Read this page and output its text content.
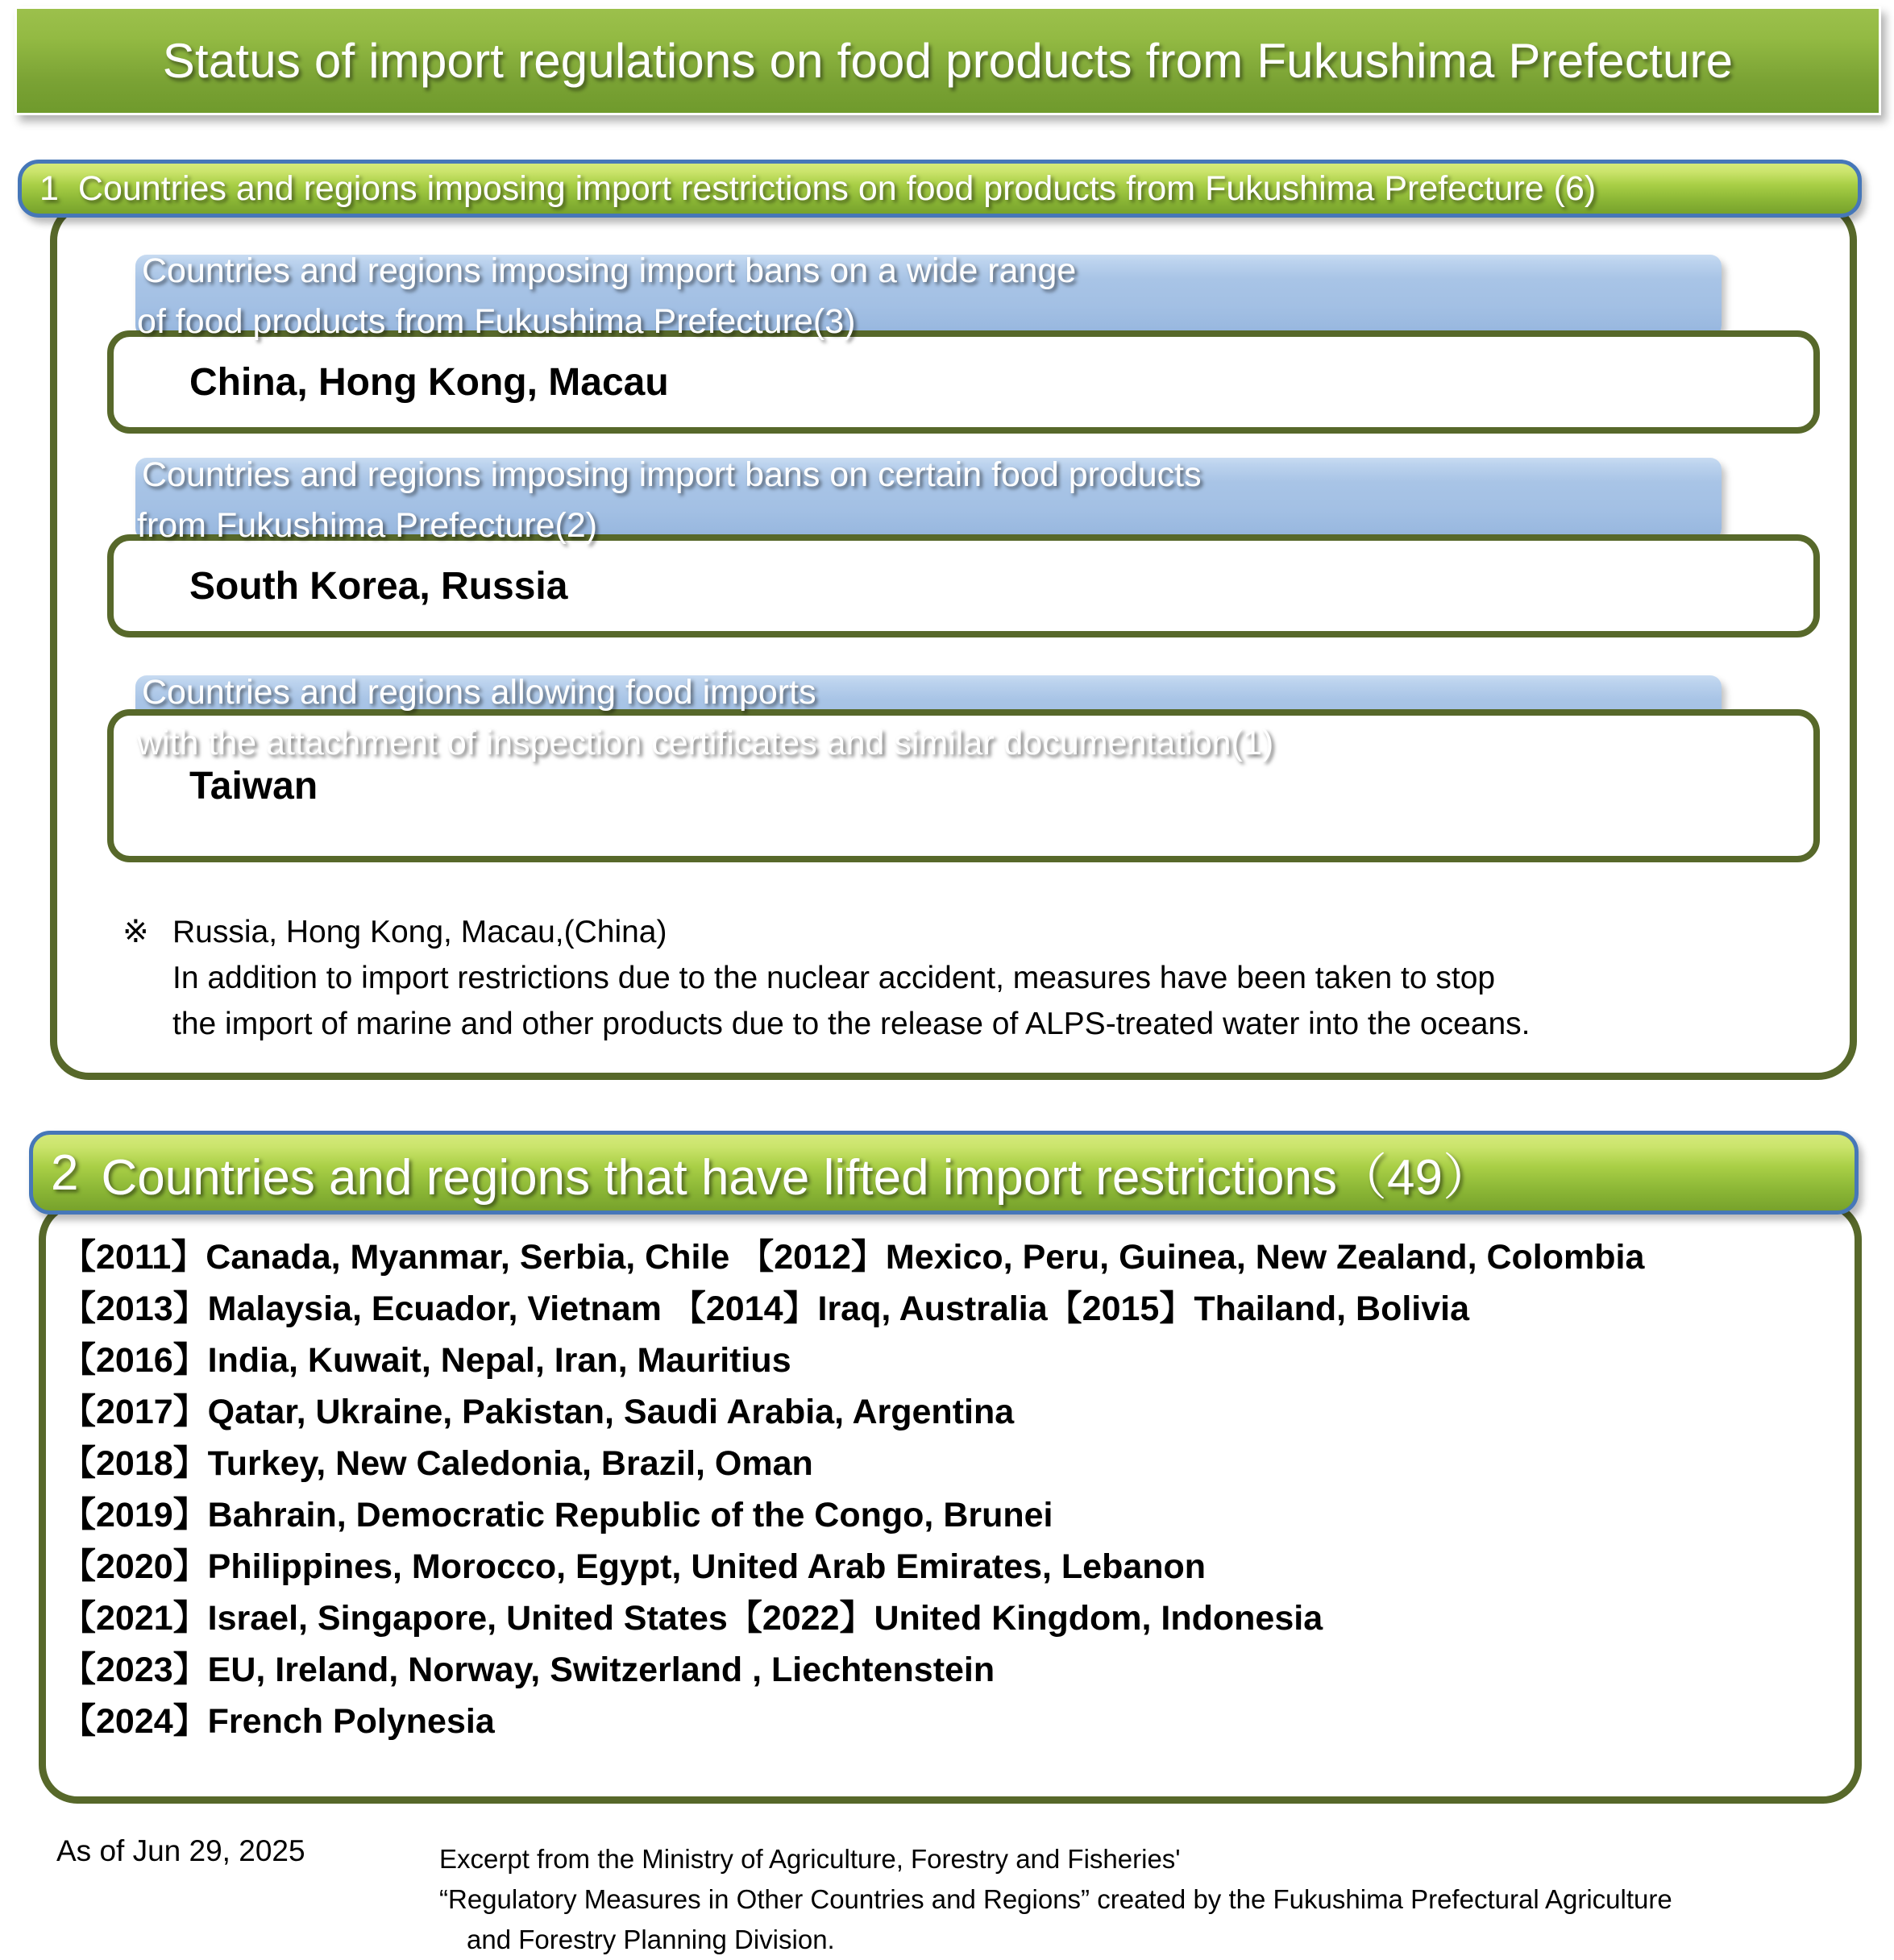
Status of import regulations on food products from Fukushima Prefecture
1 Countries and regions imposing import restrictions on food products from Fukushima Prefecture (6)
Countries and regions imposing import bans on a wide range
of food products from Fukushima Prefecture(3)
China, Hong Kong, Macau
Countries and regions imposing import bans on certain food products
from Fukushima Prefecture(2)
South Korea, Russia
Countries and regions allowing food imports
with the attachment of inspection certificates and similar documentation(1)
Taiwan
※ Russia, Hong Kong, Macau,(China)
In addition to import restrictions due to the nuclear accident, measures have been taken to stop
the import of marine and other products due to the release of ALPS-treated water into the oceans.
2 Countries and regions that have lifted import restrictions（49）
【2011】Canada, Myanmar, Serbia, Chile 【2012】Mexico, Peru, Guinea, New Zealand, Colombia
【2013】Malaysia, Ecuador, Vietnam 【2014】Iraq, Australia【2015】Thailand, Bolivia
【2016】India, Kuwait, Nepal, Iran, Mauritius
【2017】Qatar, Ukraine, Pakistan, Saudi Arabia, Argentina
【2018】Turkey, New Caledonia, Brazil, Oman
【2019】Bahrain, Democratic Republic of the Congo, Brunei
【2020】Philippines, Morocco, Egypt, United Arab Emirates, Lebanon
【2021】Israel, Singapore, United States【2022】United Kingdom, Indonesia
【2023】EU, Ireland, Norway, Switzerland , Liechtenstein
【2024】French Polynesia
As of Jun 29, 2025	Excerpt from the Ministry of Agriculture, Forestry and Fisheries'
“Regulatory Measures in Other Countries and Regions” created by the Fukushima Prefectural Agriculture
and Forestry Planning Division.
